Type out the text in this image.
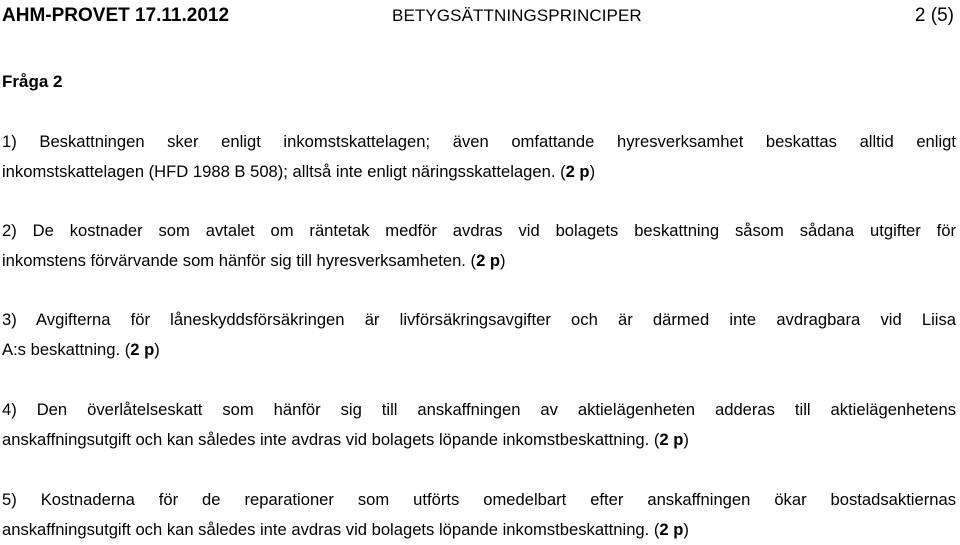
AHM-PROVET 17.11.2012	BETYGSÄTTNINGSPRINCIPER	2 (5)
Fråga 2
1) Beskattningen sker enligt inkomstskattelagen; även omfattande hyresverksamhet beskattas alltid enligt
inkomstskattelagen (HFD 1988 B 508); alltså inte enligt näringsskattelagen. (2 p)
2) De kostnader som avtalet om räntetak medför avdras vid bolagets beskattning såsom sådana utgifter för
inkomstens förvärvande som hänför sig till hyresverksamheten. (2 p)
3) Avgifterna för låneskyddsförsäkringen är livförsäkringsavgifter och är därmed inte avdragbara vid Liisa
A:s beskattning. (2 p)
4) Den överlåtelseskatt som hänför sig till anskaffningen av aktielägenheten adderas till aktielägenhetens
anskaffningsutgift och kan således inte avdras vid bolagets löpande inkomstbeskattning. (2 p)
5) Kostnaderna för de reparationer som utförts omedelbart efter anskaffningen ökar bostadsaktiernas
anskaffningsutgift och kan således inte avdras vid bolagets löpande inkomstbeskattning. (2 p)
